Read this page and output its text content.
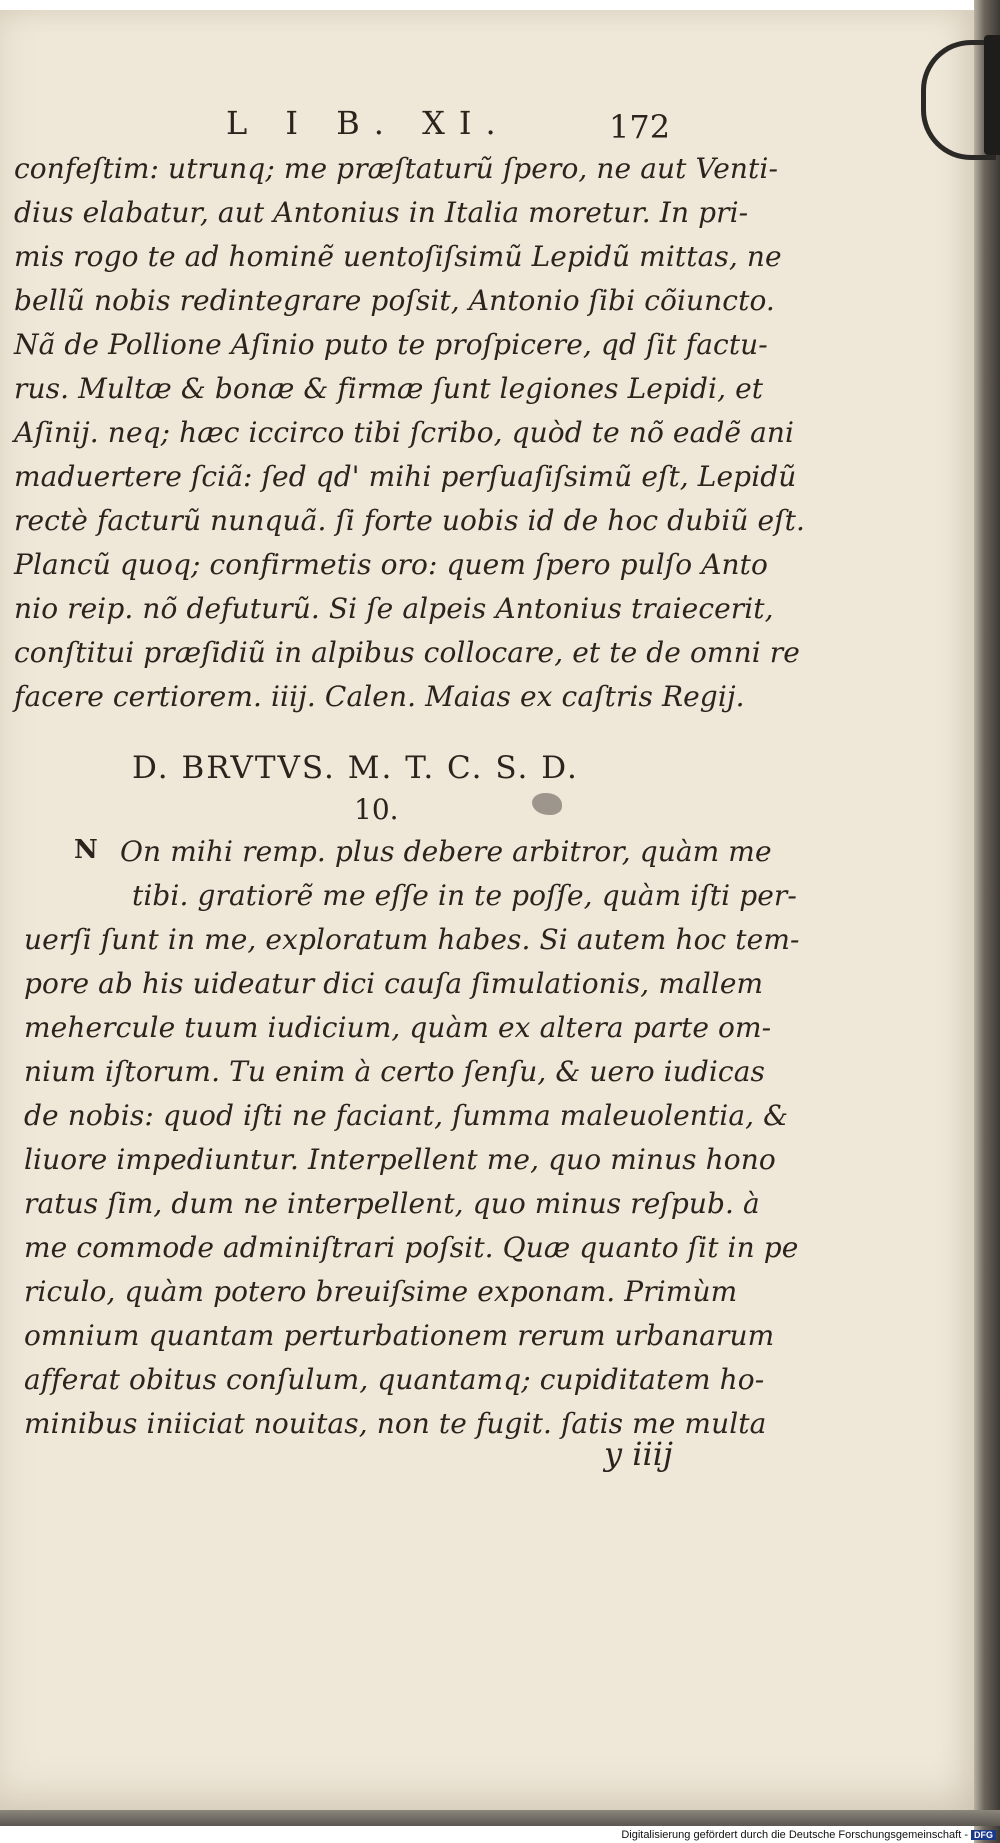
L I B. XI.	172
confeſtim: utrunq; me præſtaturũ ſpero, ne aut Venti-
dius elabatur, aut Antonius in Italia moretur. In pri-
mis rogo te ad hominẽ uentoſiſsimũ Lepidũ mittas, ne
bellũ nobis redintegrare poſsit, Antonio ſibi cõiuncto.
Nã de Pollione Aſinio puto te proſpicere, qd ſit factu-
rus. Multæ & bonæ & firmæ ſunt legiones Lepidi, et
Aſinij. neq; hæc iccirco tibi ſcribo, quòd te nõ eadẽ ani
maduertere ſciã: ſed qd' mihi perſuaſiſsimũ eſt, Lepidũ
rectè facturũ nunquã. ſi forte uobis id de hoc dubiũ eſt.
Plancũ quoq; confirmetis oro: quem ſpero pulſo Anto
nio reip. nõ defuturũ. Si ſe alpeis Antonius traiecerit,
conſtitui præſidiũ in alpibus collocare, et te de omni re
facere certiorem. iiij. Calen. Maias ex caſtris Regij.
D. BRVTVS. M. T. C. S. D.
10.
N On mihi remp. plus debere arbitror, quàm me
tibi. gratiorẽ me eſſe in te poſſe, quàm iſti per-
uerſi ſunt in me, exploratum habes. Si autem hoc tem-
pore ab his uideatur dici cauſa ſimulationis, mallem
mehercule tuum iudicium, quàm ex altera parte om-
nium iſtorum. Tu enim à certo ſenſu, & uero iudicas
de nobis: quod iſti ne faciant, ſumma maleuolentia, &
liuore impediuntur. Interpellent me, quo minus hono
ratus ſim, dum ne interpellent, quo minus reſpub. à
me commode adminiſtrari poſsit. Quæ quanto ſit in pe
riculo, quàm potero breuiſsime exponam. Primùm
omnium quantam perturbationem rerum urbanarum
afferat obitus conſulum, quantamq; cupiditatem ho-
minibus iniiciat nouitas, non te fugit. ſatis me multa
y iiij
Digitalisierung gefördert durch die Deutsche Forschungsgemeinschaft - DFG
